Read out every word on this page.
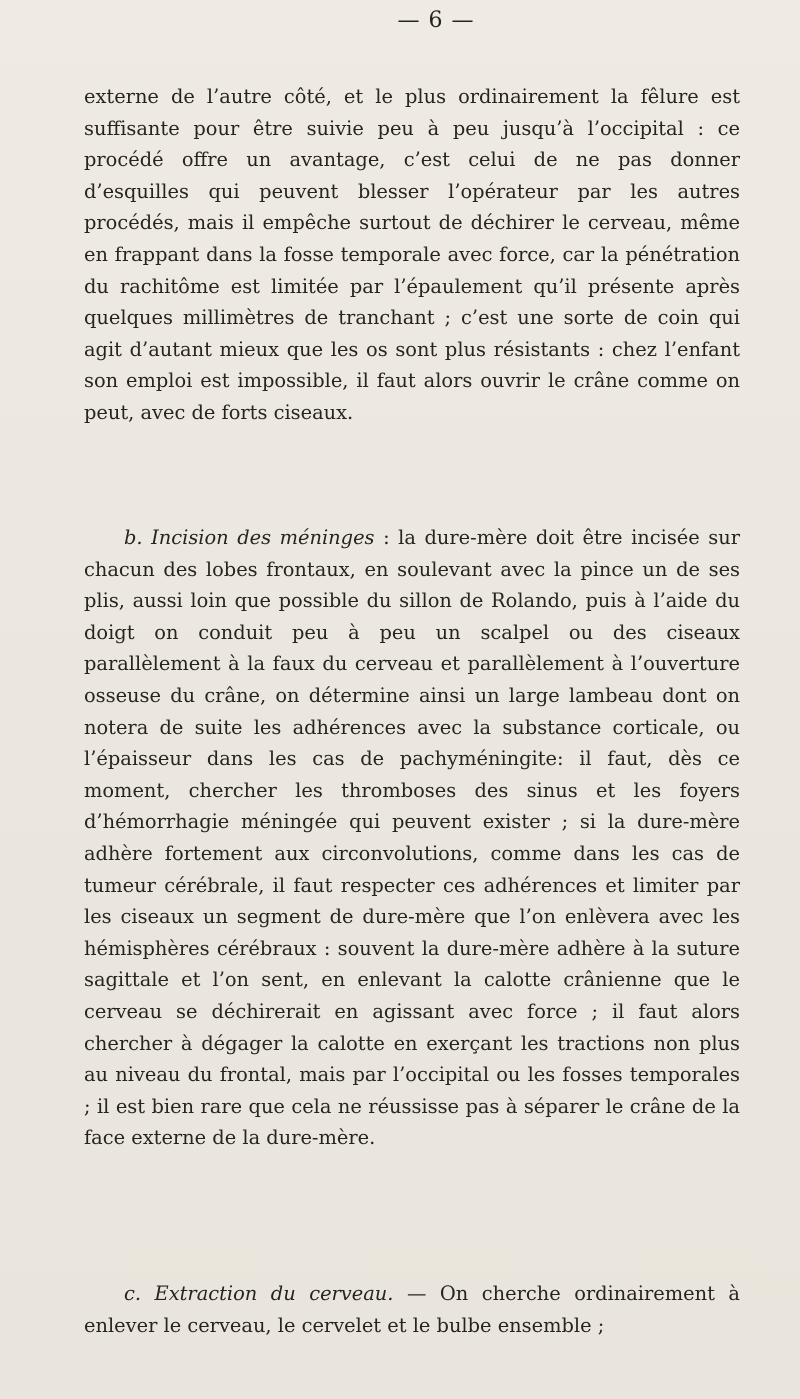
— 6 —

externe de l’autre côté, et le plus ordinairement la fêlure est suffisante pour être suivie peu à peu jusqu’à l’occipital : ce procédé offre un avantage, c’est celui de ne pas donner d’esquilles qui peuvent blesser l’opérateur par les autres procédés, mais il empêche surtout de déchirer le cerveau, même en frappant dans la fosse temporale avec force, car la pénétration du rachitôme est limitée par l’épaulement qu’il présente après quelques millimètres de tranchant ; c’est une sorte de coin qui agit d’autant mieux que les os sont plus résistants : chez l’enfant son emploi est impossible, il faut alors ouvrir le crâne comme on peut, avec de forts ciseaux.

b. Incision des méninges : la dure-mère doit être incisée sur chacun des lobes frontaux, en soulevant avec la pince un de ses plis, aussi loin que possible du sillon de Rolando, puis à l’aide du doigt on conduit peu à peu un scalpel ou des ciseaux parallèlement à la faux du cerveau et parallèlement à l’ouverture osseuse du crâne, on détermine ainsi un large lambeau dont on notera de suite les adhérences avec la substance corticale, ou l’épaisseur dans les cas de pachyméningite: il faut, dès ce moment, chercher les thromboses des sinus et les foyers d’hémorrhagie méningée qui peuvent exister ; si la dure-mère adhère fortement aux circonvolutions, comme dans les cas de tumeur cérébrale, il faut respecter ces adhérences et limiter par les ciseaux un segment de dure-mère que l’on enlèvera avec les hémisphères cérébraux : souvent la dure-mère adhère à la suture sagittale et l’on sent, en enlevant la calotte crânienne que le cerveau se déchirerait en agissant avec force ; il faut alors chercher à dégager la calotte en exerçant les tractions non plus au niveau du frontal, mais par l’occipital ou les fosses temporales ; il est bien rare que cela ne réussisse pas à séparer le crâne de la face externe de la dure-mère.

c. Extraction du cerveau. — On cherche ordinairement à enlever le cerveau, le cervelet et le bulbe ensemble ;
